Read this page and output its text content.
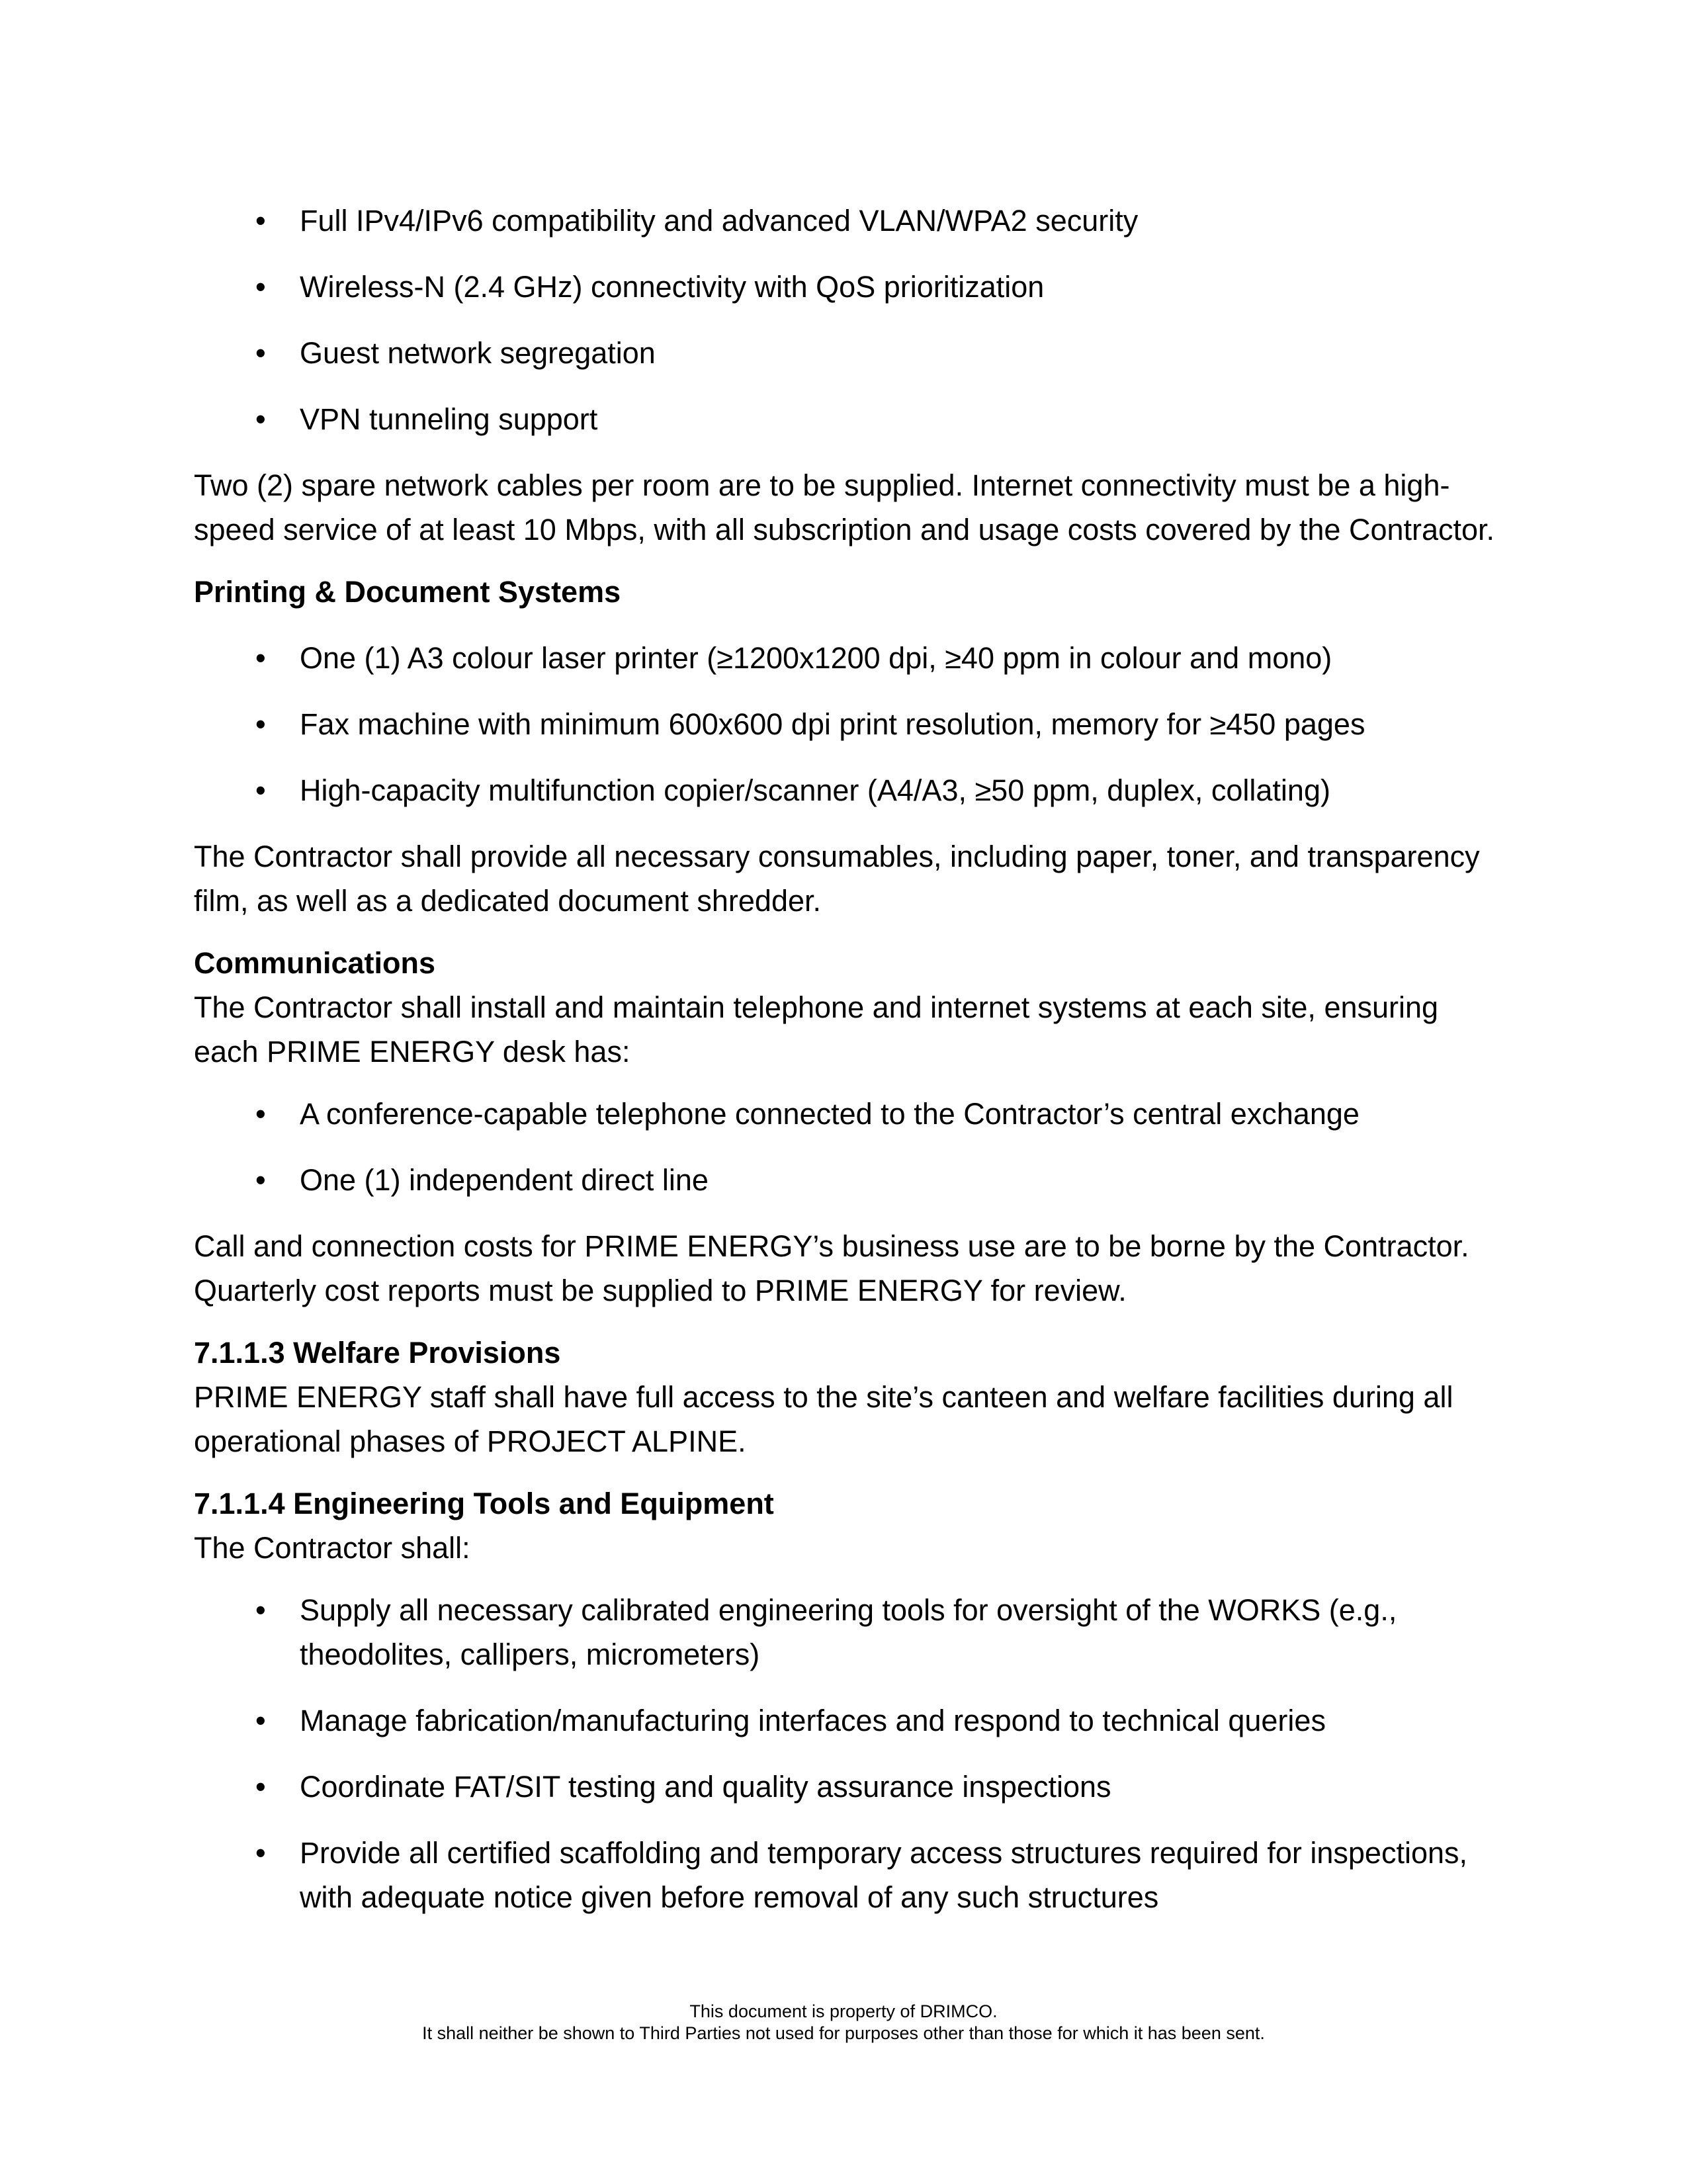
•
Full IPv4/IPv6 compatibility and advanced VLAN/WPA2 security
•
Wireless-N (2.4 GHz) connectivity with QoS prioritization
•
Guest network segregation
•
VPN tunneling support

Two (2) spare network cables per room are to be supplied. Internet connectivity must be a high-speed service of at least 10 Mbps, with all subscription and usage costs covered by the Contractor.

Printing & Document Systems
•
One (1) A3 colour laser printer (≥1200x1200 dpi, ≥40 ppm in colour and mono)
•
Fax machine with minimum 600x600 dpi print resolution, memory for ≥450 pages
•
High-capacity multifunction copier/scanner (A4/A3, ≥50 ppm, duplex, collating)

The Contractor shall provide all necessary consumables, including paper, toner, and transparency film, as well as a dedicated document shredder.

Communications

The Contractor shall install and maintain telephone and internet systems at each site, ensuring each PRIME ENERGY desk has:

•
A conference-capable telephone connected to the Contractor’s central exchange
•
One (1) independent direct line

Call and connection costs for PRIME ENERGY’s business use are to be borne by the Contractor. Quarterly cost reports must be supplied to PRIME ENERGY for review.

7.1.1.3 Welfare Provisions

PRIME ENERGY staff shall have full access to the site’s canteen and welfare facilities during all operational phases of PROJECT ALPINE.

7.1.1.4 Engineering Tools and Equipment

The Contractor shall:

•
Supply all necessary calibrated engineering tools for oversight of the WORKS (e.g., theodolites, callipers, micrometers)
•
Manage fabrication/manufacturing interfaces and respond to technical queries
•
Coordinate FAT/SIT testing and quality assurance inspections
•
Provide all certified scaffolding and temporary access structures required for inspections, with adequate notice given before removal of any such structures
This document is property of DRIMCO.
It shall neither be shown to Third Parties not used for purposes other than those for which it has been sent.
